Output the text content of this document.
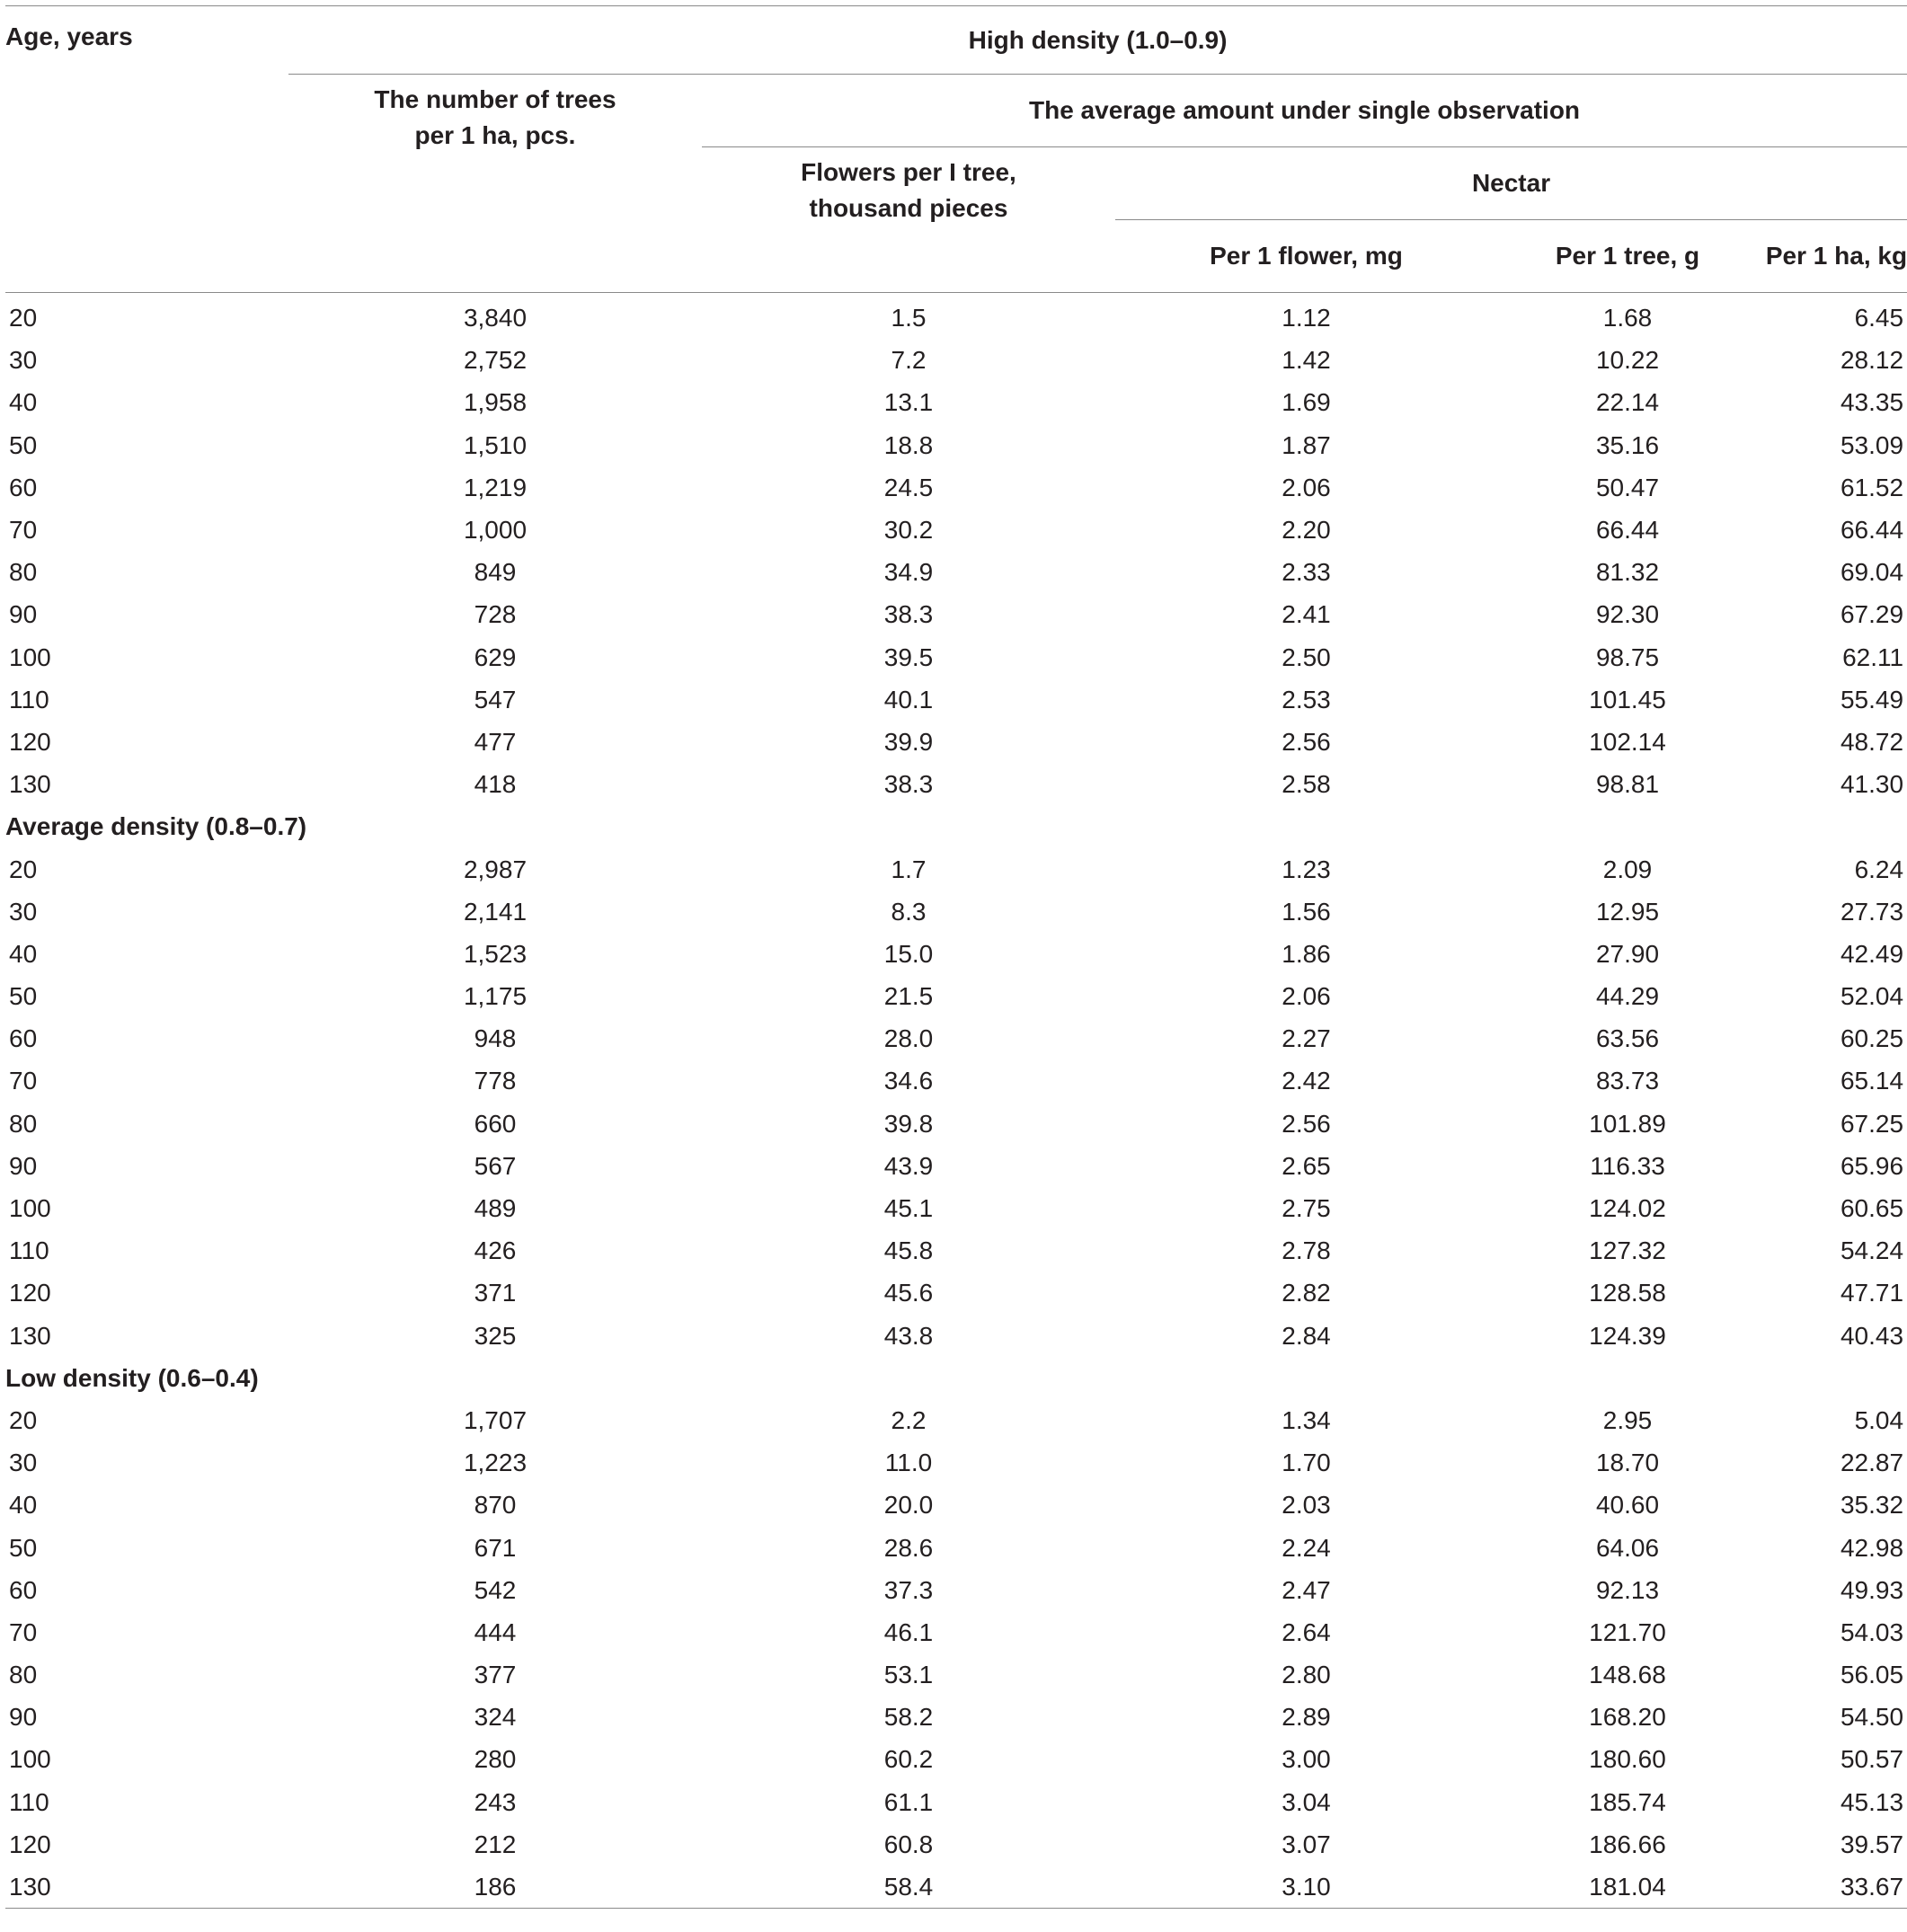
Age, years	High density (1.0–0.9)				
	The number of trees
per 1 ha, pcs.	The average amount under single observation			
		Flowers per I tree,
thousand pieces	Nectar		
			Per 1 flower, mg	Per 1 tree, g	Per 1 ha, kg

20	3,840	1.5	1.12	1.68	6.45
30	2,752	7.2	1.42	10.22	28.12
40	1,958	13.1	1.69	22.14	43.35
50	1,510	18.8	1.87	35.16	53.09
60	1,219	24.5	2.06	50.47	61.52
70	1,000	30.2	2.20	66.44	66.44
80	849	34.9	2.33	81.32	69.04
90	728	38.3	2.41	92.30	67.29
100	629	39.5	2.50	98.75	62.11
110	547	40.1	2.53	101.45	55.49
120	477	39.9	2.56	102.14	48.72
130	418	38.3	2.58	98.81	41.30
Average density (0.8–0.7)					
20	2,987	1.7	1.23	2.09	6.24
30	2,141	8.3	1.56	12.95	27.73
40	1,523	15.0	1.86	27.90	42.49
50	1,175	21.5	2.06	44.29	52.04
60	948	28.0	2.27	63.56	60.25
70	778	34.6	2.42	83.73	65.14
80	660	39.8	2.56	101.89	67.25
90	567	43.9	2.65	116.33	65.96
100	489	45.1	2.75	124.02	60.65
110	426	45.8	2.78	127.32	54.24
120	371	45.6	2.82	128.58	47.71
130	325	43.8	2.84	124.39	40.43
Low density (0.6–0.4)					
20	1,707	2.2	1.34	2.95	5.04
30	1,223	11.0	1.70	18.70	22.87
40	870	20.0	2.03	40.60	35.32
50	671	28.6	2.24	64.06	42.98
60	542	37.3	2.47	92.13	49.93
70	444	46.1	2.64	121.70	54.03
80	377	53.1	2.80	148.68	56.05
90	324	58.2	2.89	168.20	54.50
100	280	60.2	3.00	180.60	50.57
110	243	61.1	3.04	185.74	45.13
120	212	60.8	3.07	186.66	39.57
130	186	58.4	3.10	181.04	33.67
